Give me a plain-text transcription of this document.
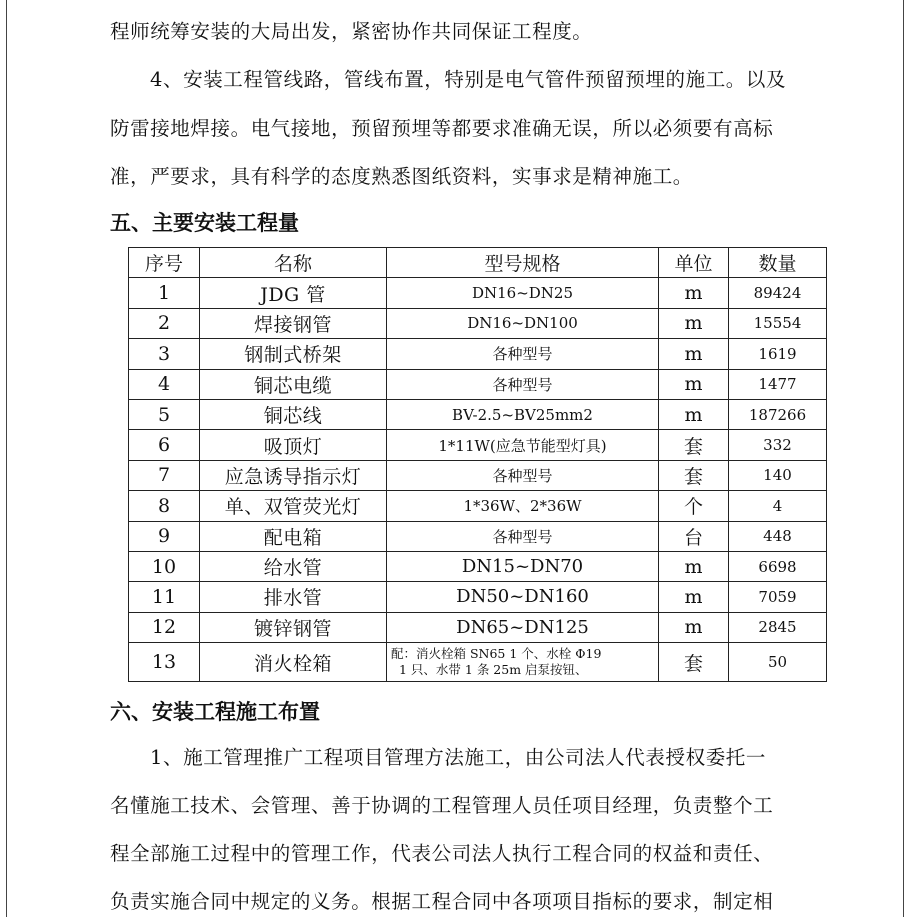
程师统筹安装的大局出发，紧密协作共同保证工程度。
4、安装工程管线路，管线布置，特别是电气管件预留预埋的施工。以及
防雷接地焊接。电气接地，预留预埋等都要求准确无误，所以必须要有高标
准，严要求，具有科学的态度熟悉图纸资料，实事求是精神施工。
五、主要安装工程量
序号	名称	型号规格	单位	数量
1	JDG 管	DN16~DN25	m	89424
2	焊接钢管	DN16~DN100	m	15554
3	钢制式桥架	各种型号	m	1619
4	铜芯电缆	各种型号	m	1477
5	铜芯线	BV-2.5~BV25mm2	m	187266
6	吸顶灯	1*11W(应急节能型灯具)	套	332
7	应急诱导指示灯	各种型号	套	140
8	单、双管荧光灯	1*36W、2*36W	个	4
9	配电箱	各种型号	台	448
10	给水管	DN15~DN70	m	6698
11	排水管	DN50~DN160	m	7059
12	镀锌钢管	DN65~DN125	m	2845
13	消火栓箱	配：消火栓箱 SN65 1 个、水栓 Φ19
1 只、水带 1 条 25m 启泵按钮、	套	50
六、安装工程施工布置
1、施工管理推广工程项目管理方法施工，由公司法人代表授权委托一
名懂施工技术、会管理、善于协调的工程管理人员任项目经理，负责整个工
程全部施工过程中的管理工作，代表公司法人执行工程合同的权益和责任、
负责实施合同中规定的义务。根据工程合同中各项项目指标的要求，制定相
